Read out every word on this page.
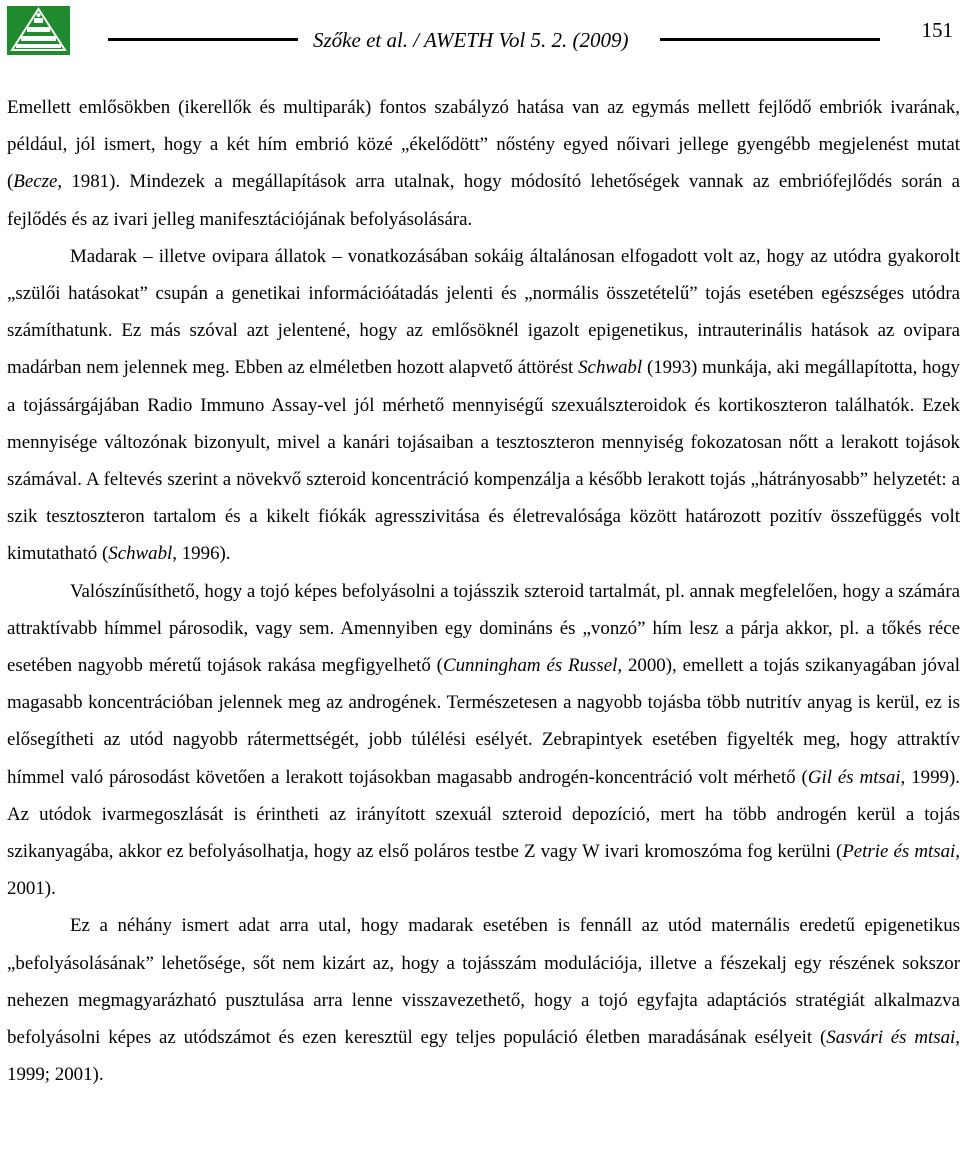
Szőke et al. / AWETH Vol 5. 2. (2009)	151

Emellett emlősökben (ikerellők és multiparák) fontos szabályzó hatása van az egymás mellett fejlődő embriók ivarának, például, jól ismert, hogy a két hím embrió közé „ékelődött” nőstény egyed nőivari jellege gyengébb megjelenést mutat (Becze, 1981). Mindezek a megállapítások arra utalnak, hogy módosító lehetőségek vannak az embriófejlődés során a fejlődés és az ivari jelleg manifesztációjának befolyásolására.

Madarak – illetve ovipara állatok – vonatkozásában sokáig általánosan elfogadott volt az, hogy az utódra gyakorolt „szülői hatásokat” csupán a genetikai információátadás jelenti és „normális összetételű” tojás esetében egészséges utódra számíthatunk. Ez más szóval azt jelentené, hogy az emlősöknél igazolt epigenetikus, intrauterinális hatások az ovipara madárban nem jelennek meg. Ebben az elméletben hozott alapvető áttörést Schwabl (1993) munkája, aki megállapította, hogy a tojássárgájában Radio Immuno Assay-vel jól mérhető mennyiségű szexuálszteroidok és kortikoszteron találhatók. Ezek mennyisége változónak bizonyult, mivel a kanári tojásaiban a tesztoszteron mennyiség fokozatosan nőtt a lerakott tojások számával. A feltevés szerint a növekvő szteroid koncentráció kompenzálja a később lerakott tojás „hátrányosabb” helyzetét: a szik tesztoszteron tartalom és a kikelt fiókák agresszivitása és életrevalósága között határozott pozitív összefüggés volt kimutatható (Schwabl, 1996).

Valószínűsíthető, hogy a tojó képes befolyásolni a tojásszik szteroid tartalmát, pl. annak megfelelően, hogy a számára attraktívabb hímmel párosodik, vagy sem. Amennyiben egy domináns és „vonzó” hím lesz a párja akkor, pl. a tőkés réce esetében nagyobb méretű tojások rakása megfigyelhető (Cunningham és Russel, 2000), emellett a tojás szikanyagában jóval magasabb koncentrációban jelennek meg az androgének. Természetesen a nagyobb tojásba több nutritív anyag is kerül, ez is elősegítheti az utód nagyobb rátermettségét, jobb túlélési esélyét. Zebrapintyek esetében figyelték meg, hogy attraktív hímmel való párosodást követően a lerakott tojásokban magasabb androgén-koncentráció volt mérhető (Gil és mtsai, 1999). Az utódok ivarmegoszlását is érintheti az irányított szexuál szteroid depozíció, mert ha több androgén kerül a tojás szikanyagába, akkor ez befolyásolhatja, hogy az első poláros testbe Z vagy W ivari kromoszóma fog kerülni (Petrie és mtsai, 2001).

Ez a néhány ismert adat arra utal, hogy madarak esetében is fennáll az utód maternális eredetű epigenetikus „befolyásolásának” lehetősége, sőt nem kizárt az, hogy a tojásszám modulációja, illetve a fészekalj egy részének sokszor nehezen megmagyarázható pusztulása arra lenne visszavezethető, hogy a tojó egyfajta adaptációs stratégiát alkalmazva befolyásolni képes az utódszámot és ezen keresztül egy teljes populáció életben maradásának esélyeit (Sasvári és mtsai, 1999; 2001).
